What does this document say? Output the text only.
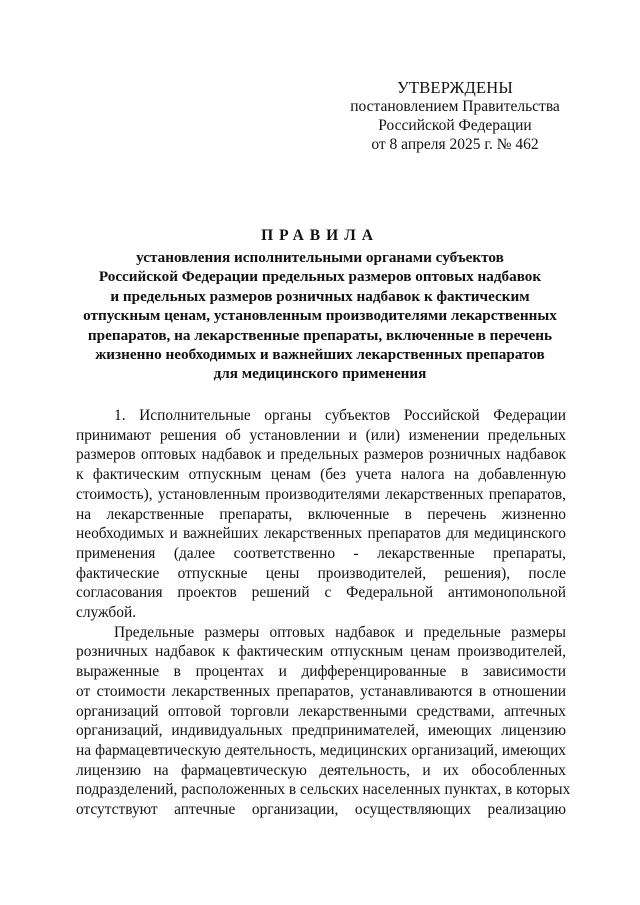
УТВЕРЖДЕНЫ
постановлением Правительства
Российской Федерации
от 8 апреля 2025 г. № 462
ПРАВИЛА
установления исполнительными органами субъектов
Российской Федерации предельных размеров оптовых надбавок
и предельных размеров розничных надбавок к фактическим
отпускным ценам, установленным производителями лекарственных
препаратов, на лекарственные препараты, включенные в перечень
жизненно необходимых и важнейших лекарственных препаратов
для медицинского применения
1. Исполнительные органы субъектов Российской Федерации
принимают решения об установлении и (или) изменении предельных
размеров оптовых надбавок и предельных размеров розничных надбавок
к фактическим отпускным ценам (без учета налога на добавленную
стоимость), установленным производителями лекарственных препаратов,
на лекарственные препараты, включенные в перечень жизненно
необходимых и важнейших лекарственных препаратов для медицинского
применения (далее соответственно - лекарственные препараты,
фактические отпускные цены производителей, решения), после
согласования проектов решений с Федеральной антимонопольной
службой.
Предельные размеры оптовых надбавок и предельные размеры
розничных надбавок к фактическим отпускным ценам производителей,
выраженные в процентах и дифференцированные в зависимости
от стоимости лекарственных препаратов, устанавливаются в отношении
организаций оптовой торговли лекарственными средствами, аптечных
организаций, индивидуальных предпринимателей, имеющих лицензию
на фармацевтическую деятельность, медицинских организаций, имеющих
лицензию на фармацевтическую деятельность, и их обособленных
подразделений, расположенных в сельских населенных пунктах, в которых
отсутствуют аптечные организации, осуществляющих реализацию
